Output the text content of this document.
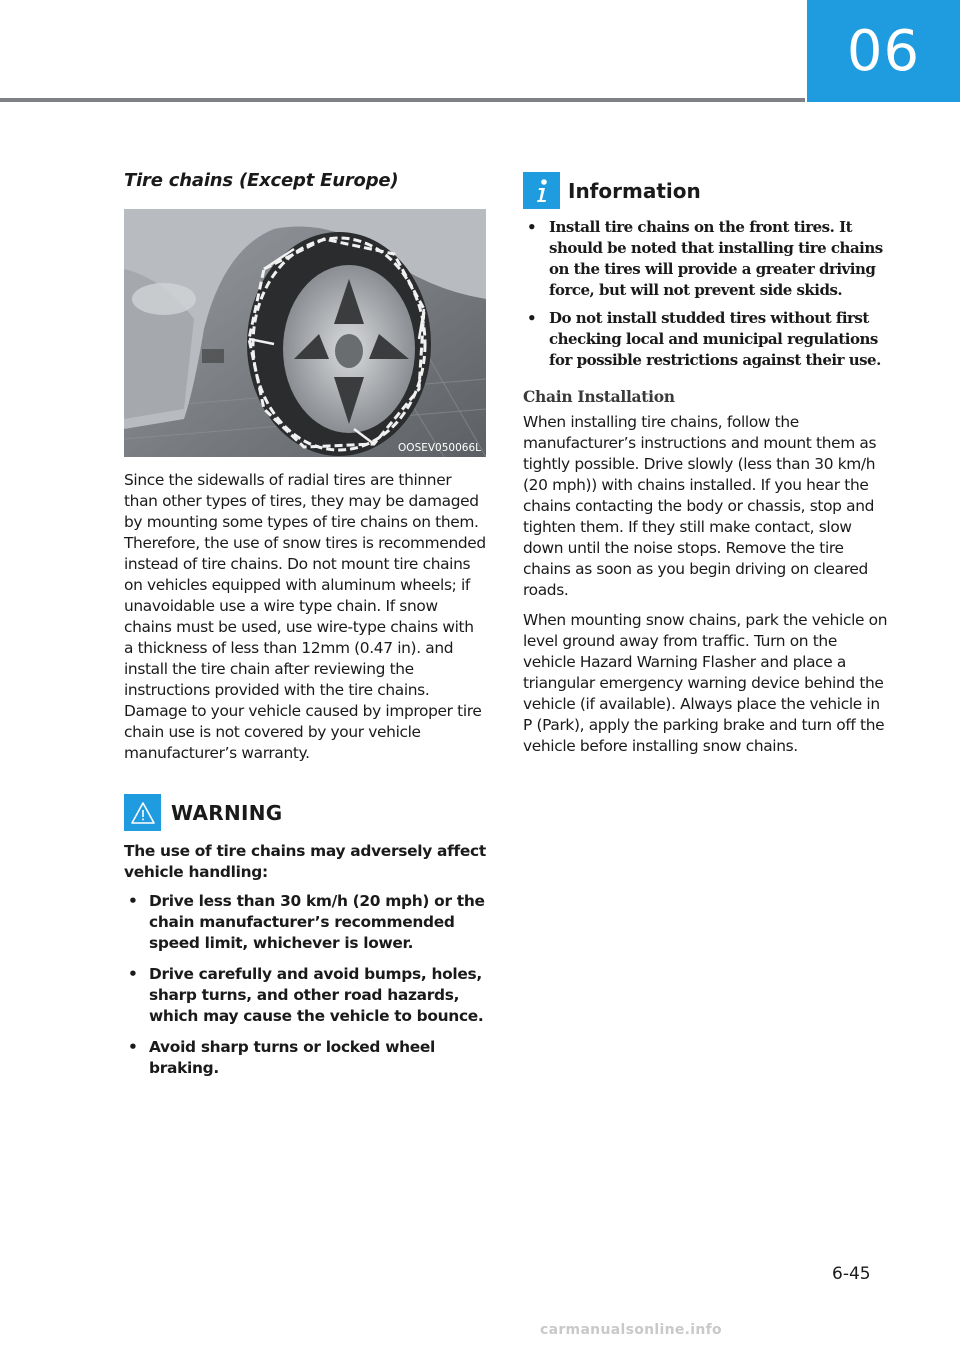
06
Tire chains (Except Europe)
OOSEV050066L

Since the sidewalls of radial tires are thinner than other types of tires, they may be damaged by mounting some types of tire chains on them. Therefore, the use of snow tires is recommended instead of tire chains. Do not mount tire chains on vehicles equipped with aluminum wheels; if unavoidable use a wire type chain. If snow chains must be used, use wire-type chains with a thickness of less than 12mm (0.47 in). and install the tire chain after reviewing the instructions provided with the tire chains. Damage to your vehicle caused by improper tire chain use is not covered by your vehicle manufacturer’s warranty.

WARNING

The use of tire chains may adversely affect vehicle handling:

• Drive less than 30 km/h (20 mph) or the chain manufacturer’s recommended speed limit, whichever is lower.
• Drive carefully and avoid bumps, holes, sharp turns, and other road hazards, which may cause the vehicle to bounce.
• Avoid sharp turns or locked wheel braking.
Information
• Install tire chains on the front tires. It should be noted that installing tire chains on the tires will provide a greater driving force, but will not prevent side skids.
• Do not install studded tires without first checking local and municipal regulations for possible restrictions against their use.
Chain Installation

When installing tire chains, follow the manufacturer’s instructions and mount them as tightly possible. Drive slowly (less than 30 km/h (20 mph)) with chains installed. If you hear the chains contacting the body or chassis, stop and tighten them. If they still make contact, slow down until the noise stops. Remove the tire chains as soon as you begin driving on cleared roads.

When mounting snow chains, park the vehicle on level ground away from traffic. Turn on the vehicle Hazard Warning Flasher and place a triangular emergency warning device behind the vehicle (if available). Always place the vehicle in P (Park), apply the parking brake and turn off the vehicle before installing snow chains.

6-45
carmanualsonline.info
